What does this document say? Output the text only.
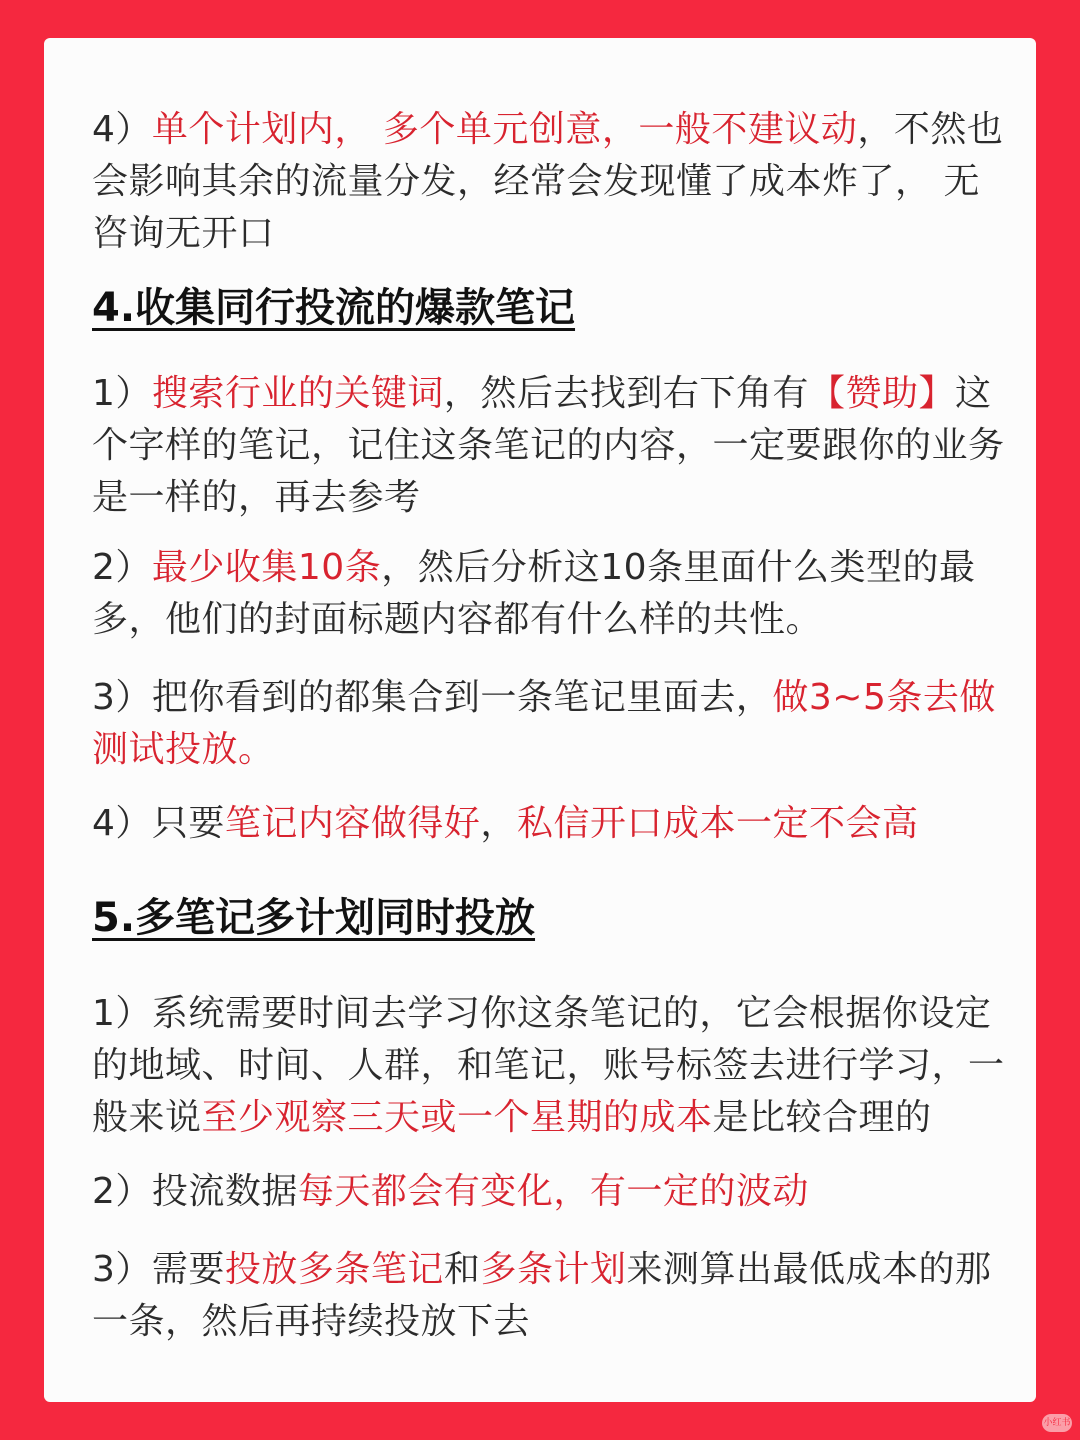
4）单个计划内， 多个单元创意，一般不建议动，不然也会影响其余的流量分发，经常会发现懂了成本炸了， 无咨询无开口

4.收集同行投流的爆款笔记

1）搜索行业的关键词，然后去找到右下角有【赞助】这个字样的笔记，记住这条笔记的内容，一定要跟你的业务是一样的，再去参考

2）最少收集10条，然后分析这10条里面什么类型的最多，他们的封面标题内容都有什么样的共性。

3）把你看到的都集合到一条笔记里面去，做3~5条去做测试投放。

4）只要笔记内容做得好，私信开口成本一定不会高

5.多笔记多计划同时投放

1）系统需要时间去学习你这条笔记的，它会根据你设定的地域、时间、人群，和笔记，账号标签去进行学习，一般来说至少观察三天或一个星期的成本是比较合理的

2）投流数据每天都会有变化，有一定的波动

3）需要投放多条笔记和多条计划来测算出最低成本的那一条，然后再持续投放下去

小红书
